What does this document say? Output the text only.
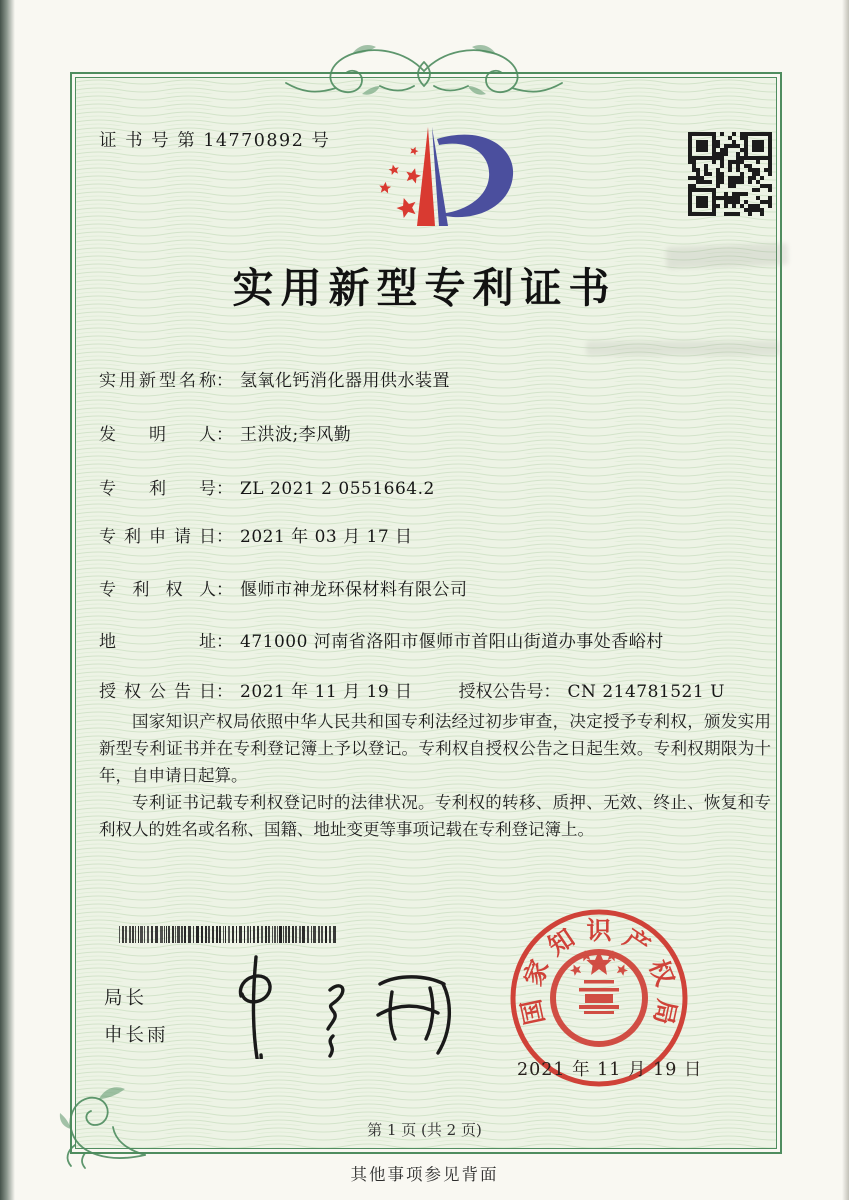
证 书 号 第 14770892 号
实用新型专利证书
实用新型名称 ： 氢氧化钙消化器用供水装置
发明人 ： 王洪波;李风勤
专利号 ： ZL 2021 2 0551664.2
专利申请日 ： 2021 年 03 月 17 日
专利权人 ： 偃师市神龙环保材料有限公司
地址 ： 471000 河南省洛阳市偃师市首阳山街道办事处香峪村
授权公告日 ： 2021 年 11 月 19 日	授权公告号 ： CN 214781521 U

国家知识产权局依照中华人民共和国专利法经过初步审查，决定授予专利权，颁发实用新型专利证书并在专利登记簿上予以登记。专利权自授权公告之日起生效。专利权期限为十年，自申请日起算。

专利证书记载专利权登记时的法律状况。专利权的转移、质押、无效、终止、恢复和专利权人的姓名或名称、国籍、地址变更等事项记载在专利登记簿上。

局长
申长雨
国
家
知 识 产
权
局
2021 年 11 月 19 日
第 1 页 (共 2 页)
其他事项参见背面
